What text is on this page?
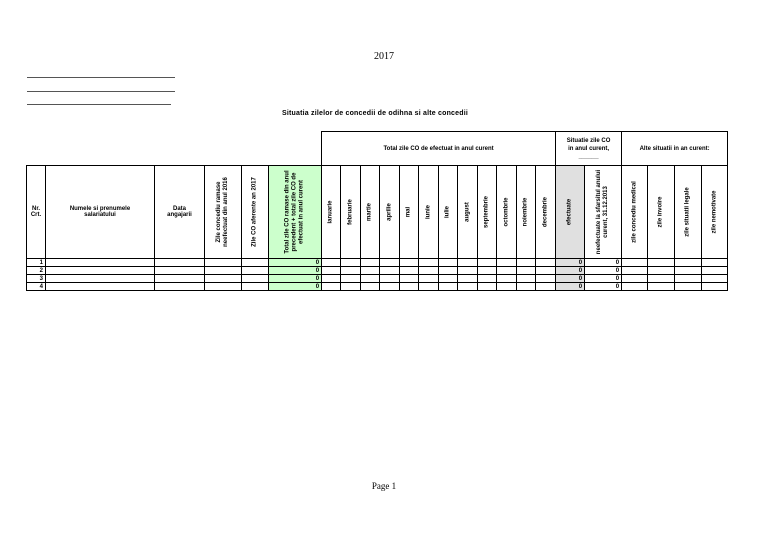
2017
Situatia zilelor de concedii de odihna si alte concedii
						Total zile CO de efectuat in anul curent												Situatie zile CO
in anul curent,
______		Alte situatii in an curent:			
Nr. Crt.	Numele si prenumele salariatului	Data angajarii	Zile concediu ramase neefectuat din anul 2016	Zile CO aferente an 2017	Total zile CO ramase din anul precedent + total zile CO de efectuat in anul curent	ianuarie	februarie	martie	aprilie	mai	iunie	iulie	august	septembrie	octombrie	noiembrie	decembrie	efectuate	neefectuate la sfarsitul anului curent, 31.12.2013	zile concediu medical	zile invoire	zile situatii legale	zile nemotivate

1					0													0	0				
2					0													0	0				
3					0													0	0				
4					0													0	0				
Page 1
